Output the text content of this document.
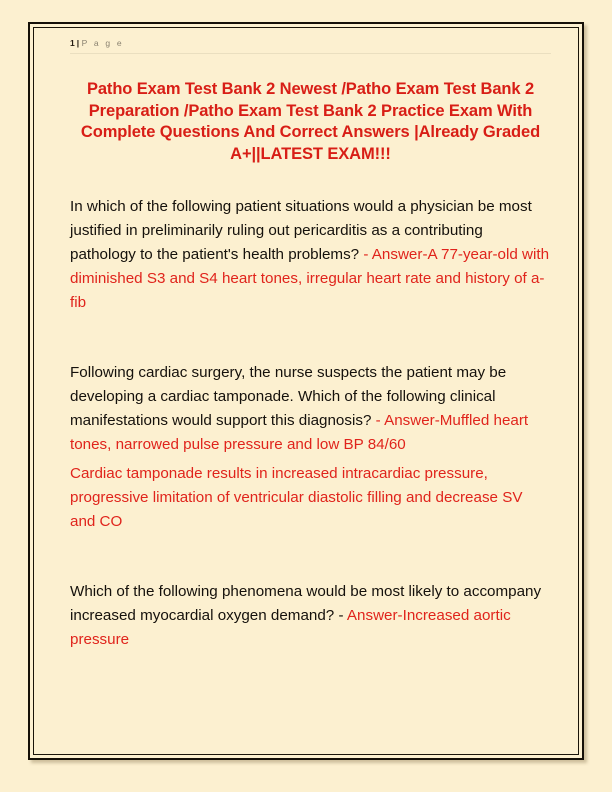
1 | P a g e
Patho Exam Test Bank 2 Newest /Patho Exam Test Bank 2 Preparation /Patho Exam Test Bank 2 Practice Exam With Complete Questions And Correct Answers |Already Graded A+||LATEST EXAM!!!

In which of the following patient situations would a physician be most justified in preliminarily ruling out pericarditis as a contributing pathology to the patient's health problems? - Answer-A 77-year-old with diminished S3 and S4 heart tones, irregular heart rate and history of a-fib

Following cardiac surgery, the nurse suspects the patient may be developing a cardiac tamponade. Which of the following clinical manifestations would support this diagnosis? - Answer-Muffled heart tones, narrowed pulse pressure and low BP 84/60

Cardiac tamponade results in increased intracardiac pressure, progressive limitation of ventricular diastolic filling and decrease SV and CO

Which of the following phenomena would be most likely to accompany increased myocardial oxygen demand? - Answer-Increased aortic pressure
